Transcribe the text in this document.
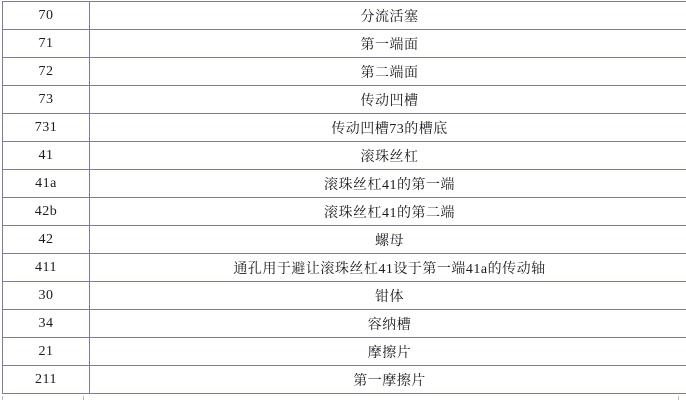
70	分流活塞
71	第一端面
72	第二端面
73	传动凹槽
731	传动凹槽73的槽底
41	滚珠丝杠
41a	滚珠丝杠41的第一端
42b	滚珠丝杠41的第二端
42	螺母
411	通孔用于避让滚珠丝杠41设于第一端41a的传动轴
30	钳体
34	容纳槽
21	摩擦片
211	第一摩擦片
